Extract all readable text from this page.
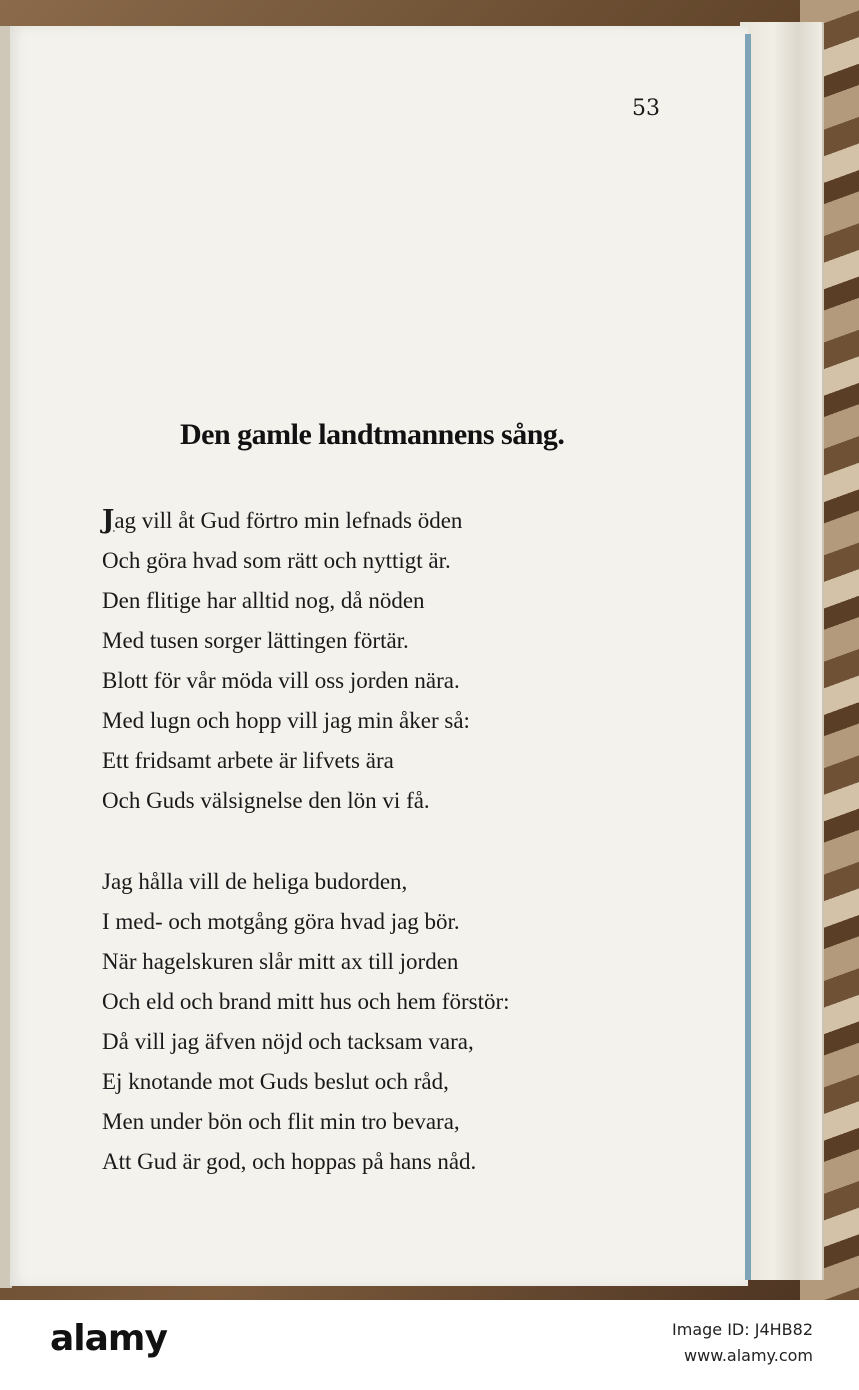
53
Den gamle landtmannens sång.
Jag vill åt Gud förtro min lefnads öden
Och göra hvad som rätt och nyttigt är.
Den flitige har alltid nog, då nöden
Med tusen sorger lättingen förtär.
Blott för vår möda vill oss jorden nära.
Med lugn och hopp vill jag min åker så:
Ett fridsamt arbete är lifvets ära
Och Guds välsignelse den lön vi få.
Jag hålla vill de heliga budorden,
I med- och motgång göra hvad jag bör.
När hagelskuren slår mitt ax till jorden
Och eld och brand mitt hus och hem förstör:
Då vill jag äfven nöjd och tacksam vara,
Ej knotande mot Guds beslut och råd,
Men under bön och flit min tro bevara,
Att Gud är god, och hoppas på hans nåd.
alamy	Image ID: J4HB82
www.alamy.com
